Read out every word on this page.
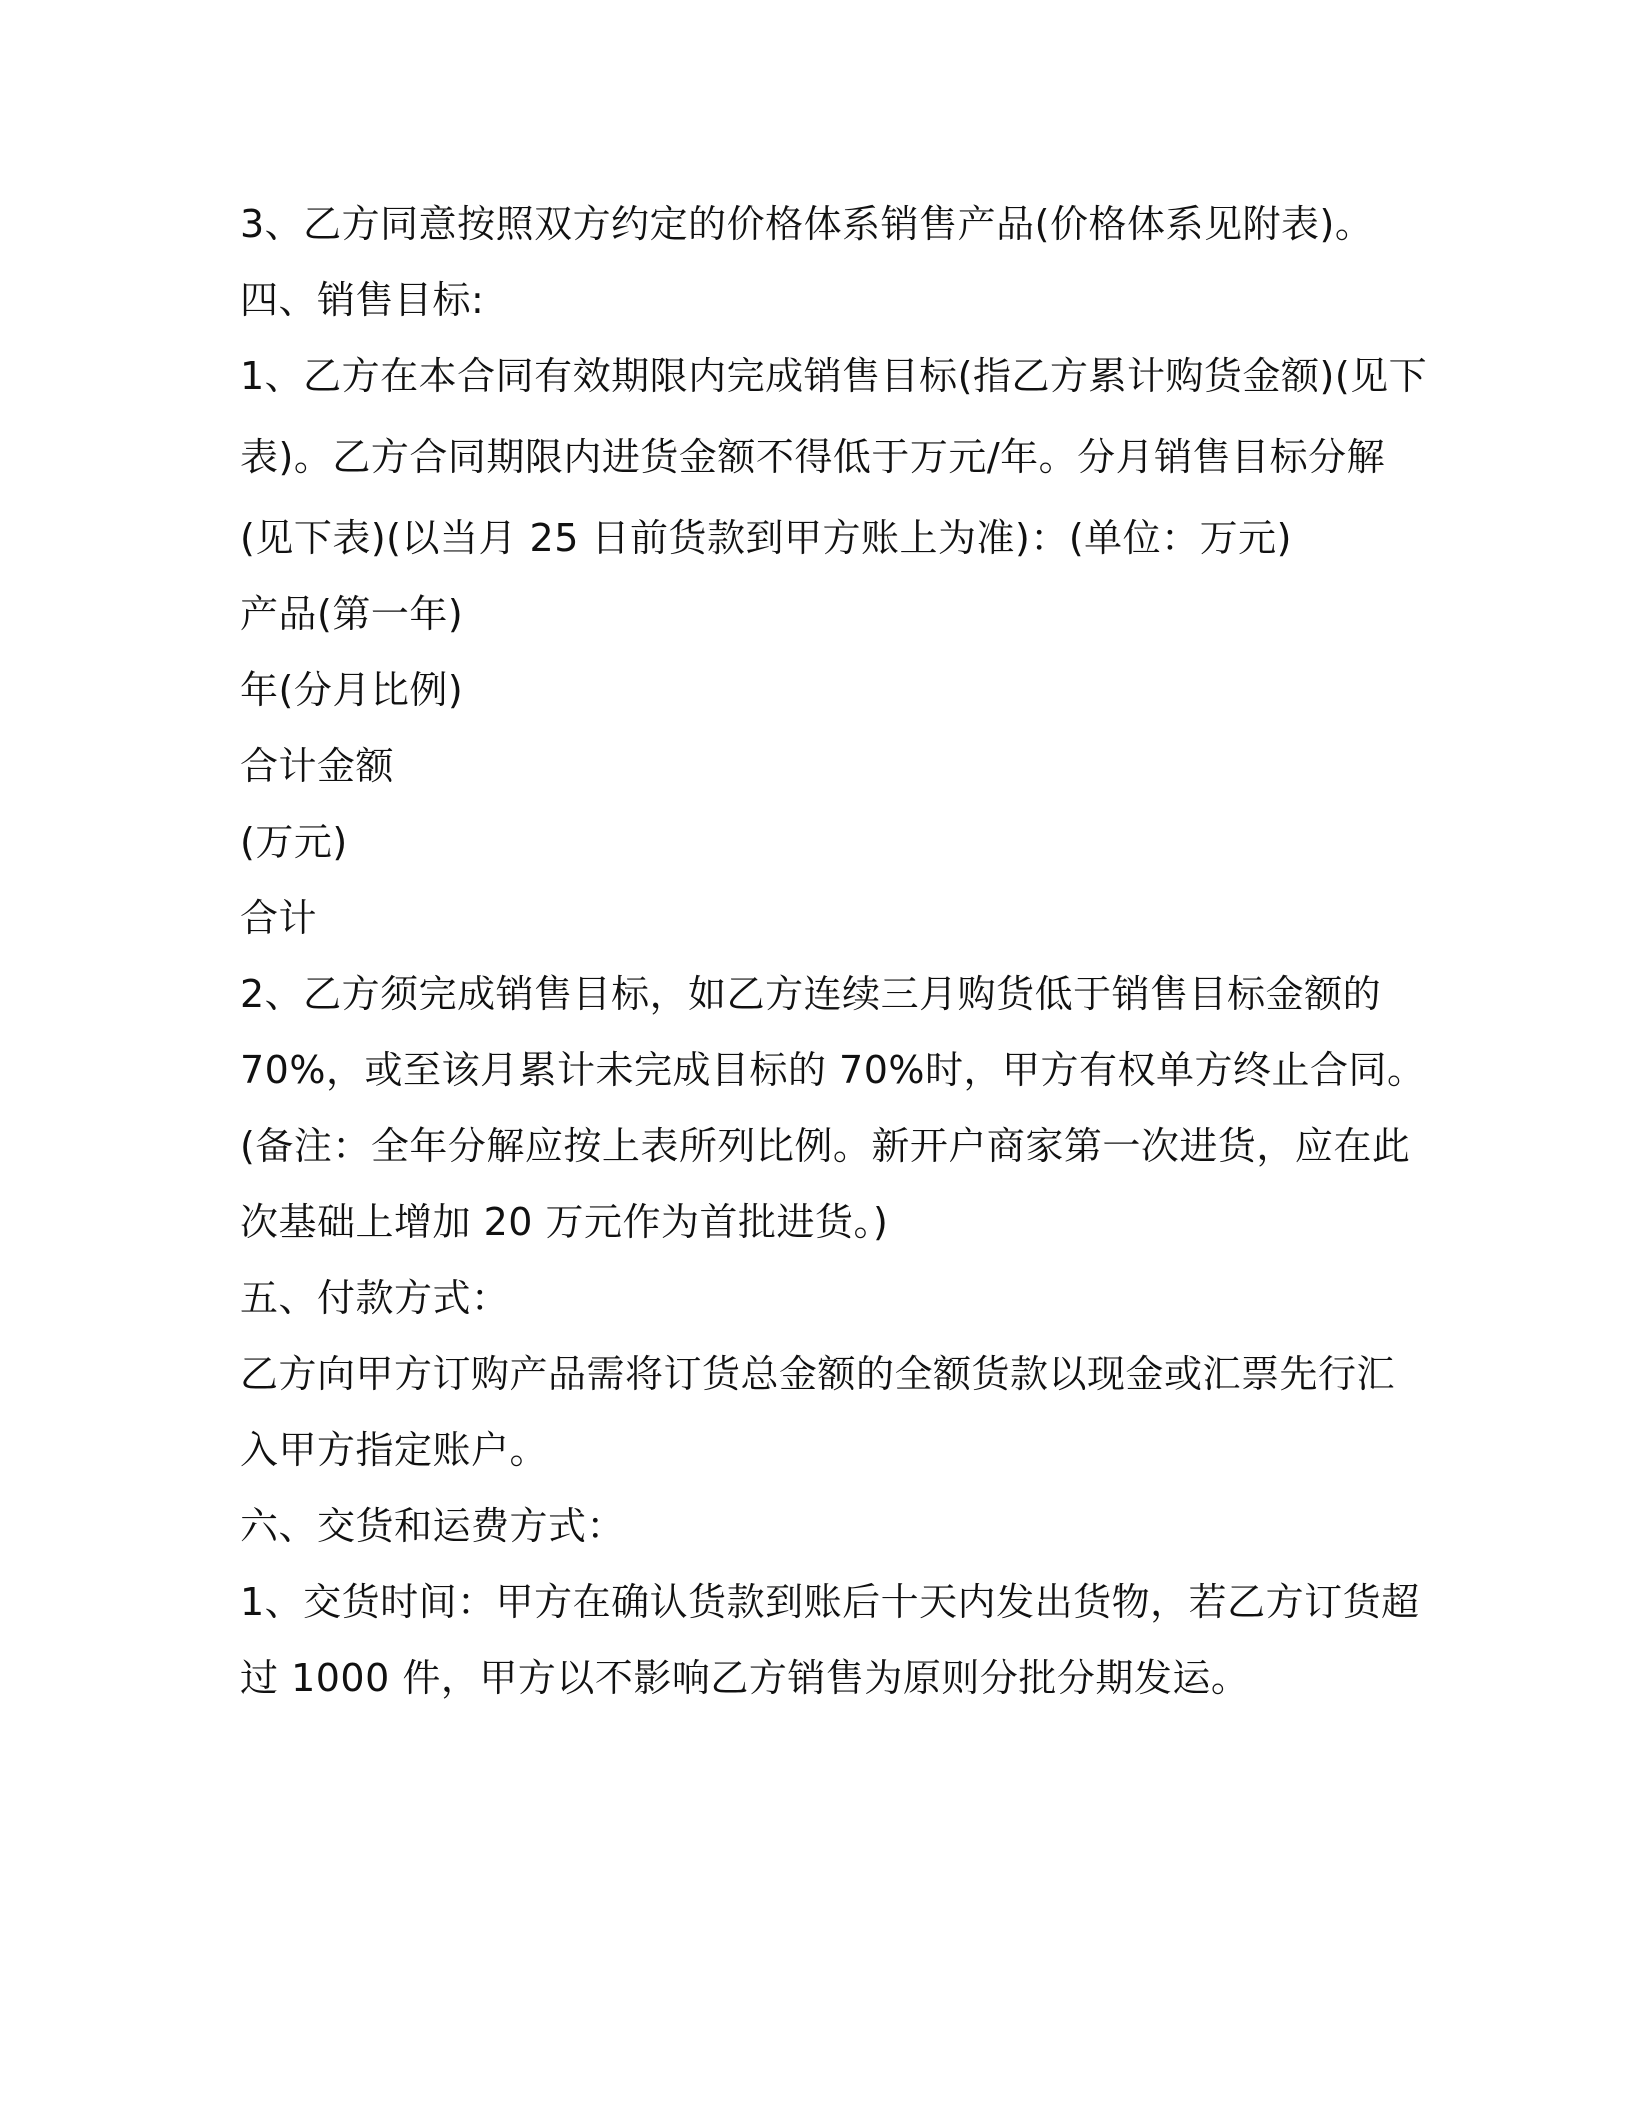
3、乙方同意按照双方约定的价格体系销售产品(价格体系见附表)。
四、销售目标:
1、乙方在本合同有效期限内完成销售目标(指乙方累计购货金额)(见下
表)。乙方合同期限内进货金额不得低于万元/年。分月销售目标分解
(见下表)(以当月 25 日前货款到甲方账上为准)：(单位：万元)
产品(第一年)
年(分月比例)
合计金额
(万元)
合计
2、乙方须完成销售目标，如乙方连续三月购货低于销售目标金额的
70%，或至该月累计未完成目标的 70%时，甲方有权单方终止合同。
(备注：全年分解应按上表所列比例。新开户商家第一次进货，应在此
次基础上增加 20 万元作为首批进货。)
五、付款方式：
乙方向甲方订购产品需将订货总金额的全额货款以现金或汇票先行汇
入甲方指定账户。
六、交货和运费方式：
1、交货时间：甲方在确认货款到账后十天内发出货物，若乙方订货超
过 1000 件，甲方以不影响乙方销售为原则分批分期发运。
